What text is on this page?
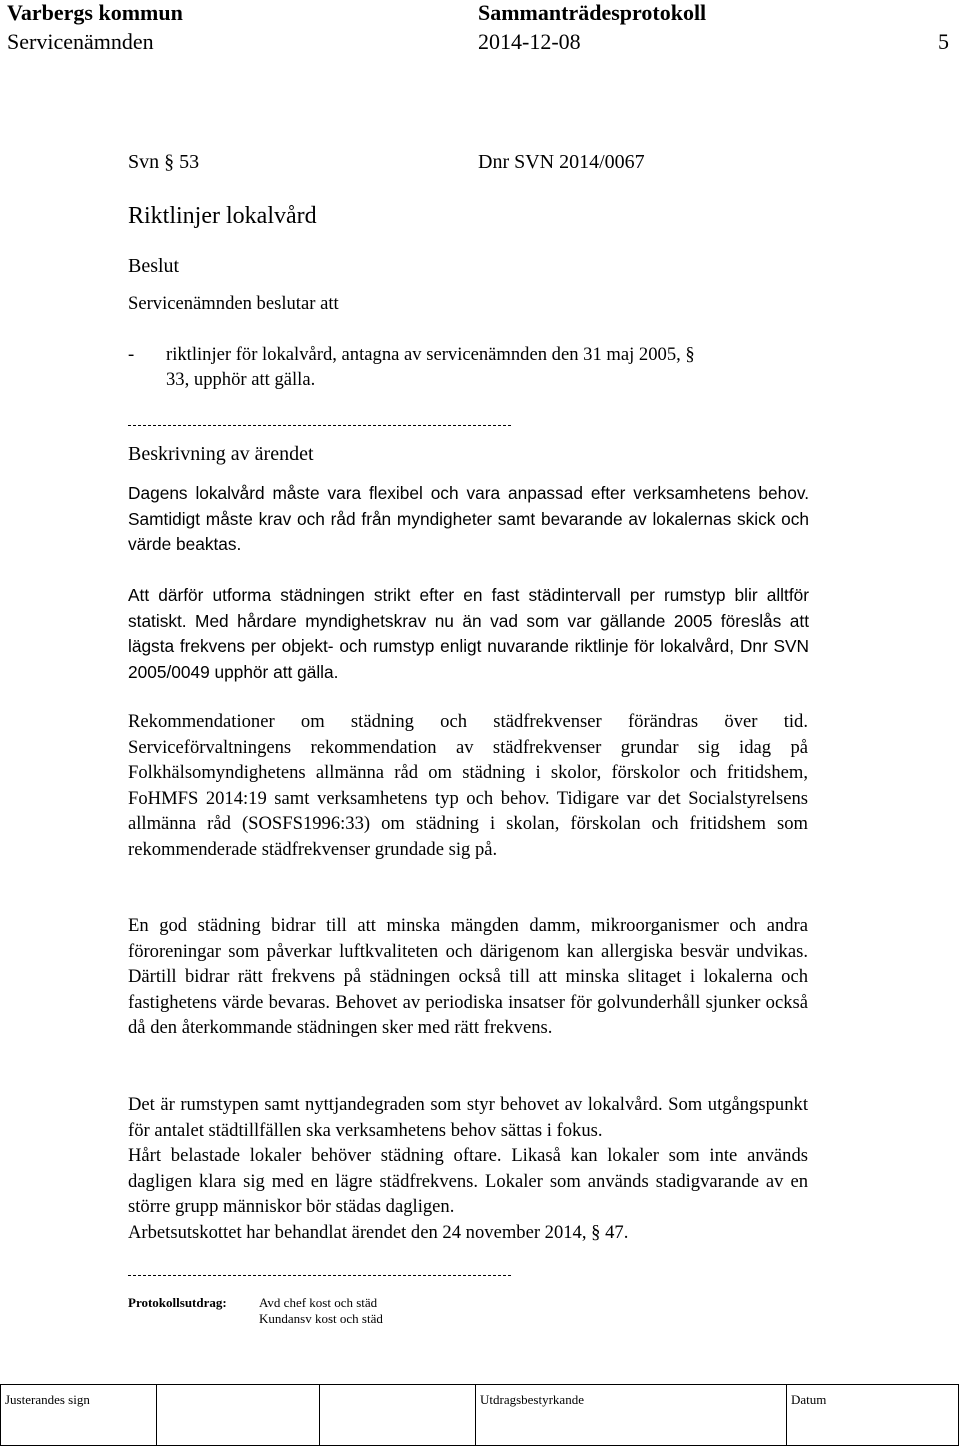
Varbergs kommun	Sammanträdesprotokoll
Servicenämnden	2014-12-08	5
Svn § 53	Dnr SVN 2014/0067
Riktlinjer lokalvård
Beslut
Servicenämnden beslutar att
- riktlinjer för lokalvård, antagna av servicenämnden den 31 maj 2005, §
33, upphör att gälla.
Beskrivning av ärendet
Dagens lokalvård måste vara flexibel och vara anpassad efter verksamhetens behov. Samtidigt måste krav och råd från myndigheter samt bevarande av lokalernas skick och värde beaktas.
Att därför utforma städningen strikt efter en fast städintervall per rumstyp blir alltför statiskt. Med hårdare myndighetskrav nu än vad som var gällande 2005 föreslås att lägsta frekvens per objekt- och rumstyp enligt nuvarande riktlinje för lokalvård, Dnr SVN 2005/0049 upphör att gälla.
Rekommendationer om städning och städfrekvenser förändras över tid. Serviceförvaltningens rekommendation av städfrekvenser grundar sig idag på Folkhälsomyndighetens allmänna råd om städning i skolor, förskolor och fritidshem, FoHMFS 2014:19 samt verksamhetens typ och behov. Tidigare var det Socialstyrelsens allmänna råd (SOSFS1996:33) om städning i skolan, förskolan och fritidshem som rekommenderade städfrekvenser grundade sig på.
En god städning bidrar till att minska mängden damm, mikroorganismer och andra föroreningar som påverkar luftkvaliteten och därigenom kan allergiska besvär undvikas. Därtill bidrar rätt frekvens på städningen också till att minska slitaget i lokalerna och fastighetens värde bevaras. Behovet av periodiska insatser för golvunderhåll sjunker också då den återkommande städningen sker med rätt frekvens.

Det är rumstypen samt nyttjandegraden som styr behovet av lokalvård. Som utgångspunkt för antalet städtillfällen ska verksamhetens behov sättas i fokus.

Hårt belastade lokaler behöver städning oftare. Likaså kan lokaler som inte används dagligen klara sig med en lägre städfrekvens. Lokaler som används stadigvarande av en större grupp människor bör städas dagligen.

Arbetsutskottet har behandlat ärendet den 24 november 2014, § 47.

Protokollsutdrag: Avd chef kost och städ
Kundansv kost och städ
Justerandes sign	Utdragsbestyrkande	Datum
